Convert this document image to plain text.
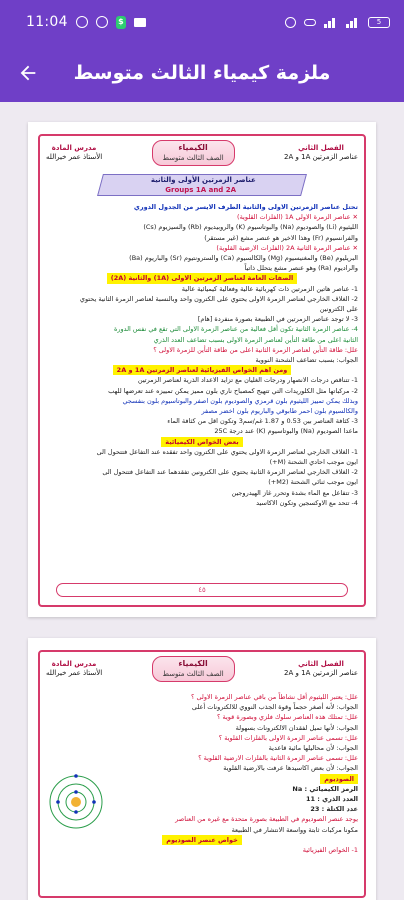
11:04	$	5
ملزمة كيمياء الثالث متوسط
الفصل الثاني
عناصر الزمرتين 1A و 2A
الكيمياء
الصف الثالث متوسط
مدرس المادة
الأستاذ عمر خيرالله
عناصر الزمرتين الأولى والثانية
Groups 1A and 2A
تحتل عناصر الزمرتين الاولى والثانية الطرف الايسر من الجدول الدوري
✕ عناصر الزمرة الاولى 1A (الفلزات القلوية)
الليثيوم (Li) والصوديوم (Na) والبوتاسيوم (K) والروبيديوم (Rb) والسيزيوم (Cs)
والفرانسيوم (Fr) وهذا الاخير هو عنصر مشع (غير مستقر)
✕ عناصر الزمرة الثانية 2A (الفلزات الارضية القلوية)
البريليوم (Be) والمغنيسيوم (Mg) والكالسيوم (Ca) والسترونتيوم (Sr) والباريوم (Ba)
والراديوم (Ra) وهو عنصر مشع يتحلل ذاتياً
الصفات العامة لعناصر الزمرتين الاولى (1A) والثانية (2A)
1- عناصر هاتين الزمرتين ذات كهربائية عالية وفعالية كيميائية عالية
2- الغلاف الخارجي لعناصر الزمرة الاولى يحتوي على الكترون واحد وبالنسبة لعناصر الزمرة الثانية يحتوي
على الكترونين
3- لا توجد عناصر الزمرتين في الطبيعة بصورة منفردة [هام]
4- عناصر الزمرة الثانية تكون أقل فعالية من عناصر الزمرة الاولى التي تقع في نفس الدورة
الثانية اعلى من طاقة التأين لعناصر الزمرة الاولى بسبب تضاعف العدد الذري
علل: طاقة التأين لعناصر الزمرة الثانية اعلى من طاقة التأين للزمرة الاولى ؟
الجواب: بسبب تضاعف الشحنة النووية
ومن اهم الخواص الفيزيائية لعناصر الزمرتين 1A و 2A
1- تتناقص درجات الانصهار ودرجات الغليان مع تزايد الاعداد الذرية لعناصر الزمرتين
2- مركباتها مثل الكلوريدات التي تتهيج كمصباح ناري بلون مميز يمكن تمييزه عند تعرضها للهب
وبذلك يمكن تمييز الليثيوم بلون قرمزي والصوديوم بلون اصفر والبوتاسيوم بلون بنفسجي
والكالسيوم بلون احمر طابوقي والباريوم بلون اخضر مصفر
3- كثافة العناصر بين 0.53 و 1.87 غم/سم3 وتكون اقل من كثافة الماء
ماعدا الصوديوم (Na) والبوتاسيوم (K) عند درجة 25C
بعض الخواص الكيميائية
1- الغلاف الخارجي لعناصر الزمرة الاولى يحتوي على الكترون واحد تفقده عند التفاعل فتتحول الى
ايون موجب احادي الشحنة (M+)
2- الغلاف الخارجي لعناصر الزمرة الثانية يحتوي على الكترونين تفقدهما عند التفاعل فتتحول الى
ايون موجب ثنائي الشحنة (M2+)
3- تتفاعل مع الماء بشدة وتحرر غاز الهيدروجين
4- تتحد مع الاوكسجين وتكون الاكاسيد
٤٥
الفصل الثاني
عناصر الزمرتين 1A و 2A
الكيمياء
الصف الثالث متوسط
مدرس المادة
الأستاذ عمر خيرالله
علل: يعتبر الليثيوم أقل نشاطاً من باقي عناصر الزمرة الاولى ؟
الجواب: لأنه أصغر حجماً وقوة الجذب النووي للالكترونات أعلى
علل: تمتلك هذه العناصر سلوك فلزي وبصورة قوية ؟
الجواب: لأنها تميل لفقدان الالكترونات بسهولة
علل: تسمى عناصر الزمرة الاولى بالفلزات القلوية ؟
الجواب: لأن محاليلها مائية قاعدية
علل: تسمى عناصر الزمرة الثانية بالفلزات الارضية القلوية ؟
الجواب: لأن بعض اكاسيدها عرفت بالارضية القلوية
الصوديوم
الرمز الكيميائي : Na
العدد الذري : 11
عدد الكتلة : 23
يوجد عنصر الصوديوم في الطبيعة بصورة متحدة مع غيره من العناصر
مكونا مركبات ثابتة وواسعة الانتشار في الطبيعة
خواص عنصر الصوديوم
1- الخواص الفيزيائية
